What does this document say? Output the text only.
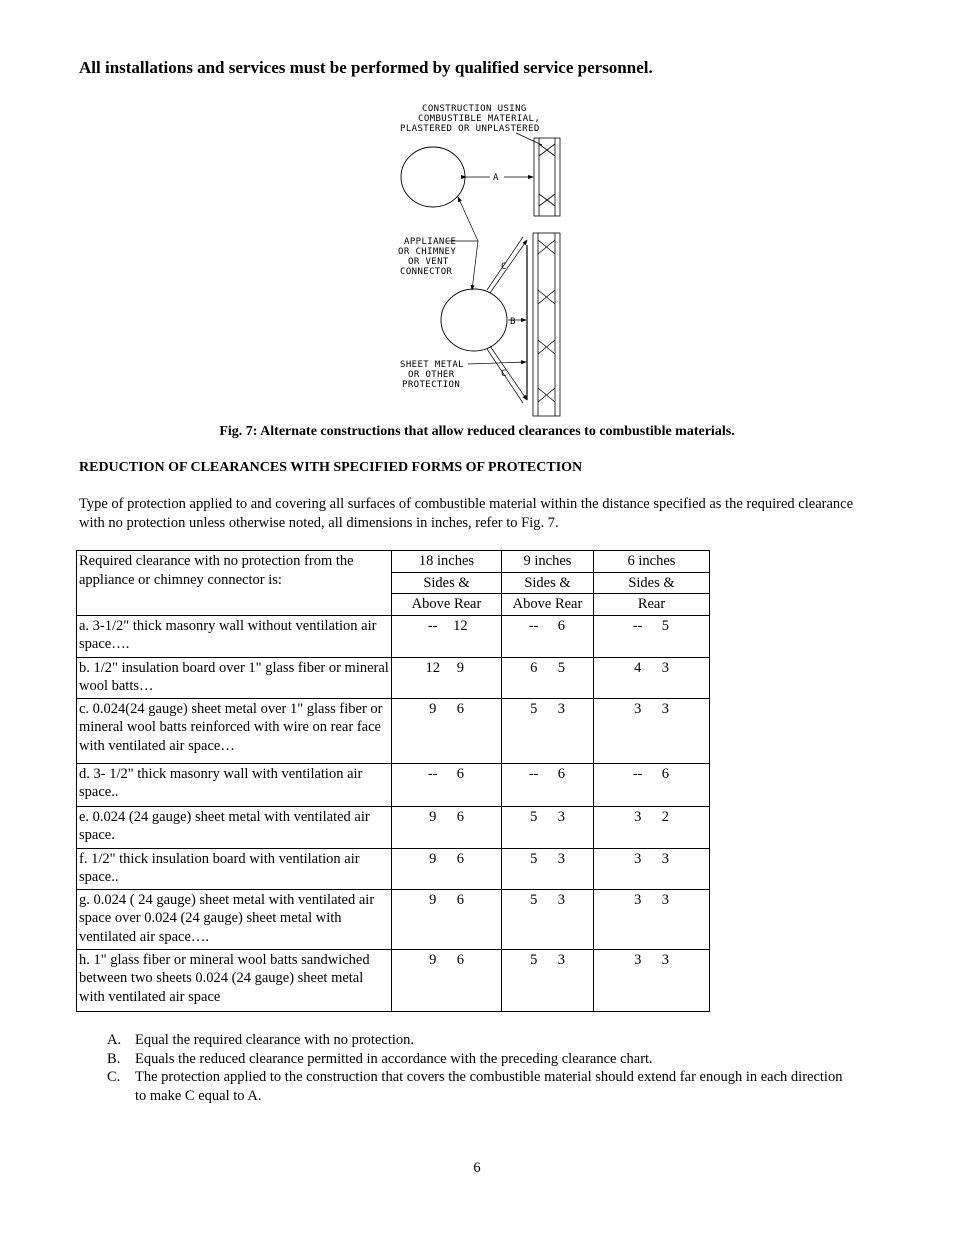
All installations and services must be performed by qualified service personnel.
CONSTRUCTION USING
COMBUSTIBLE MATERIAL,
PLASTERED OR UNPLASTERED
A
APPLIANCE
OR CHIMNEY
OR VENT
CONNECTOR	C
B
C
SHEET METAL
OR OTHER
PROTECTION
Fig. 7: Alternate constructions that allow reduced clearances to combustible materials.
REDUCTION OF CLEARANCES WITH SPECIFIED FORMS OF PROTECTION

Type of protection applied to and covering all surfaces of combustible material within the distance specified as the required clearance with no protection unless otherwise noted, all dimensions in inches, refer to Fig. 7.

Required clearance with no protection from the appliance or chimney connector is:	18 inches	9 inches	6 inches
	Sides &	Sides &	Sides &
	Above Rear	Above Rear	Rear
a. 3-1/2" thick masonry wall without ventilation air space….	-- 12	-- 6	-- 5
b. 1/2" insulation board over 1" glass fiber or mineral wool batts…	12 9	6 5	4 3
c. 0.024(24 gauge) sheet metal over 1" glass fiber or mineral wool batts reinforced with wire on rear face with ventilated air space…	9 6	5 3	3 3
d. 3- 1/2" thick masonry wall with ventilation air space..	-- 6	-- 6	-- 6
e. 0.024 (24 gauge) sheet metal with ventilated air space.	9 6	5 3	3 2
f. 1/2" thick insulation board with ventilation air space..	9 6	5 3	3 3
g. 0.024 ( 24 gauge) sheet metal with ventilated air space over 0.024 (24 gauge) sheet metal with ventilated air space….	9 6	5 3	3 3
h. 1" glass fiber or mineral wool batts sandwiched between two sheets 0.024 (24 gauge) sheet metal with ventilated air space	9 6	5 3	3 3
A. Equal the required clearance with no protection.
B. Equals the reduced clearance permitted in accordance with the preceding clearance chart.
C. The protection applied to the construction that covers the combustible material should extend far enough in each direction to make C equal to A.
6
